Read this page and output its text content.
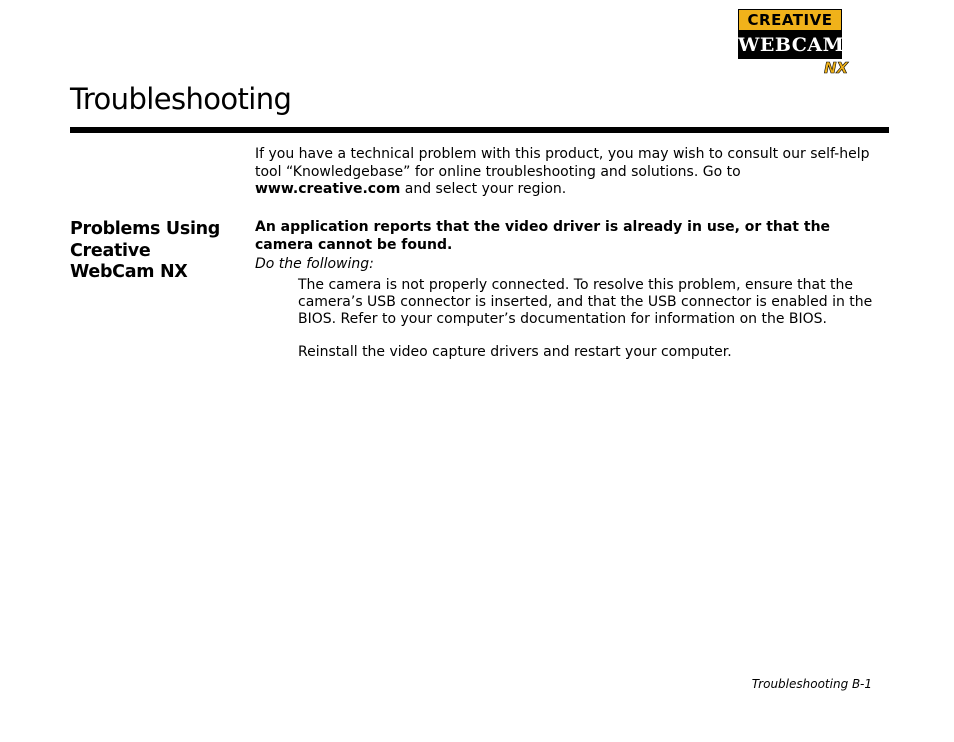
CREATIVE
WEBCAM
NX
Troubleshooting

If you have a technical problem with this product, you may wish to consult our self-help tool “Knowledgebase” for online troubleshooting and solutions. Go to www.creative.com and select your region.

Problems Using Creative WebCam NX

An application reports that the video driver is already in use, or that the camera cannot be found.

Do the following:

The camera is not properly connected. To resolve this problem, ensure that the camera’s USB connector is inserted, and that the USB connector is enabled in the BIOS. Refer to your computer’s documentation for information on the BIOS.

Reinstall the video capture drivers and restart your computer.

Troubleshooting B-1
